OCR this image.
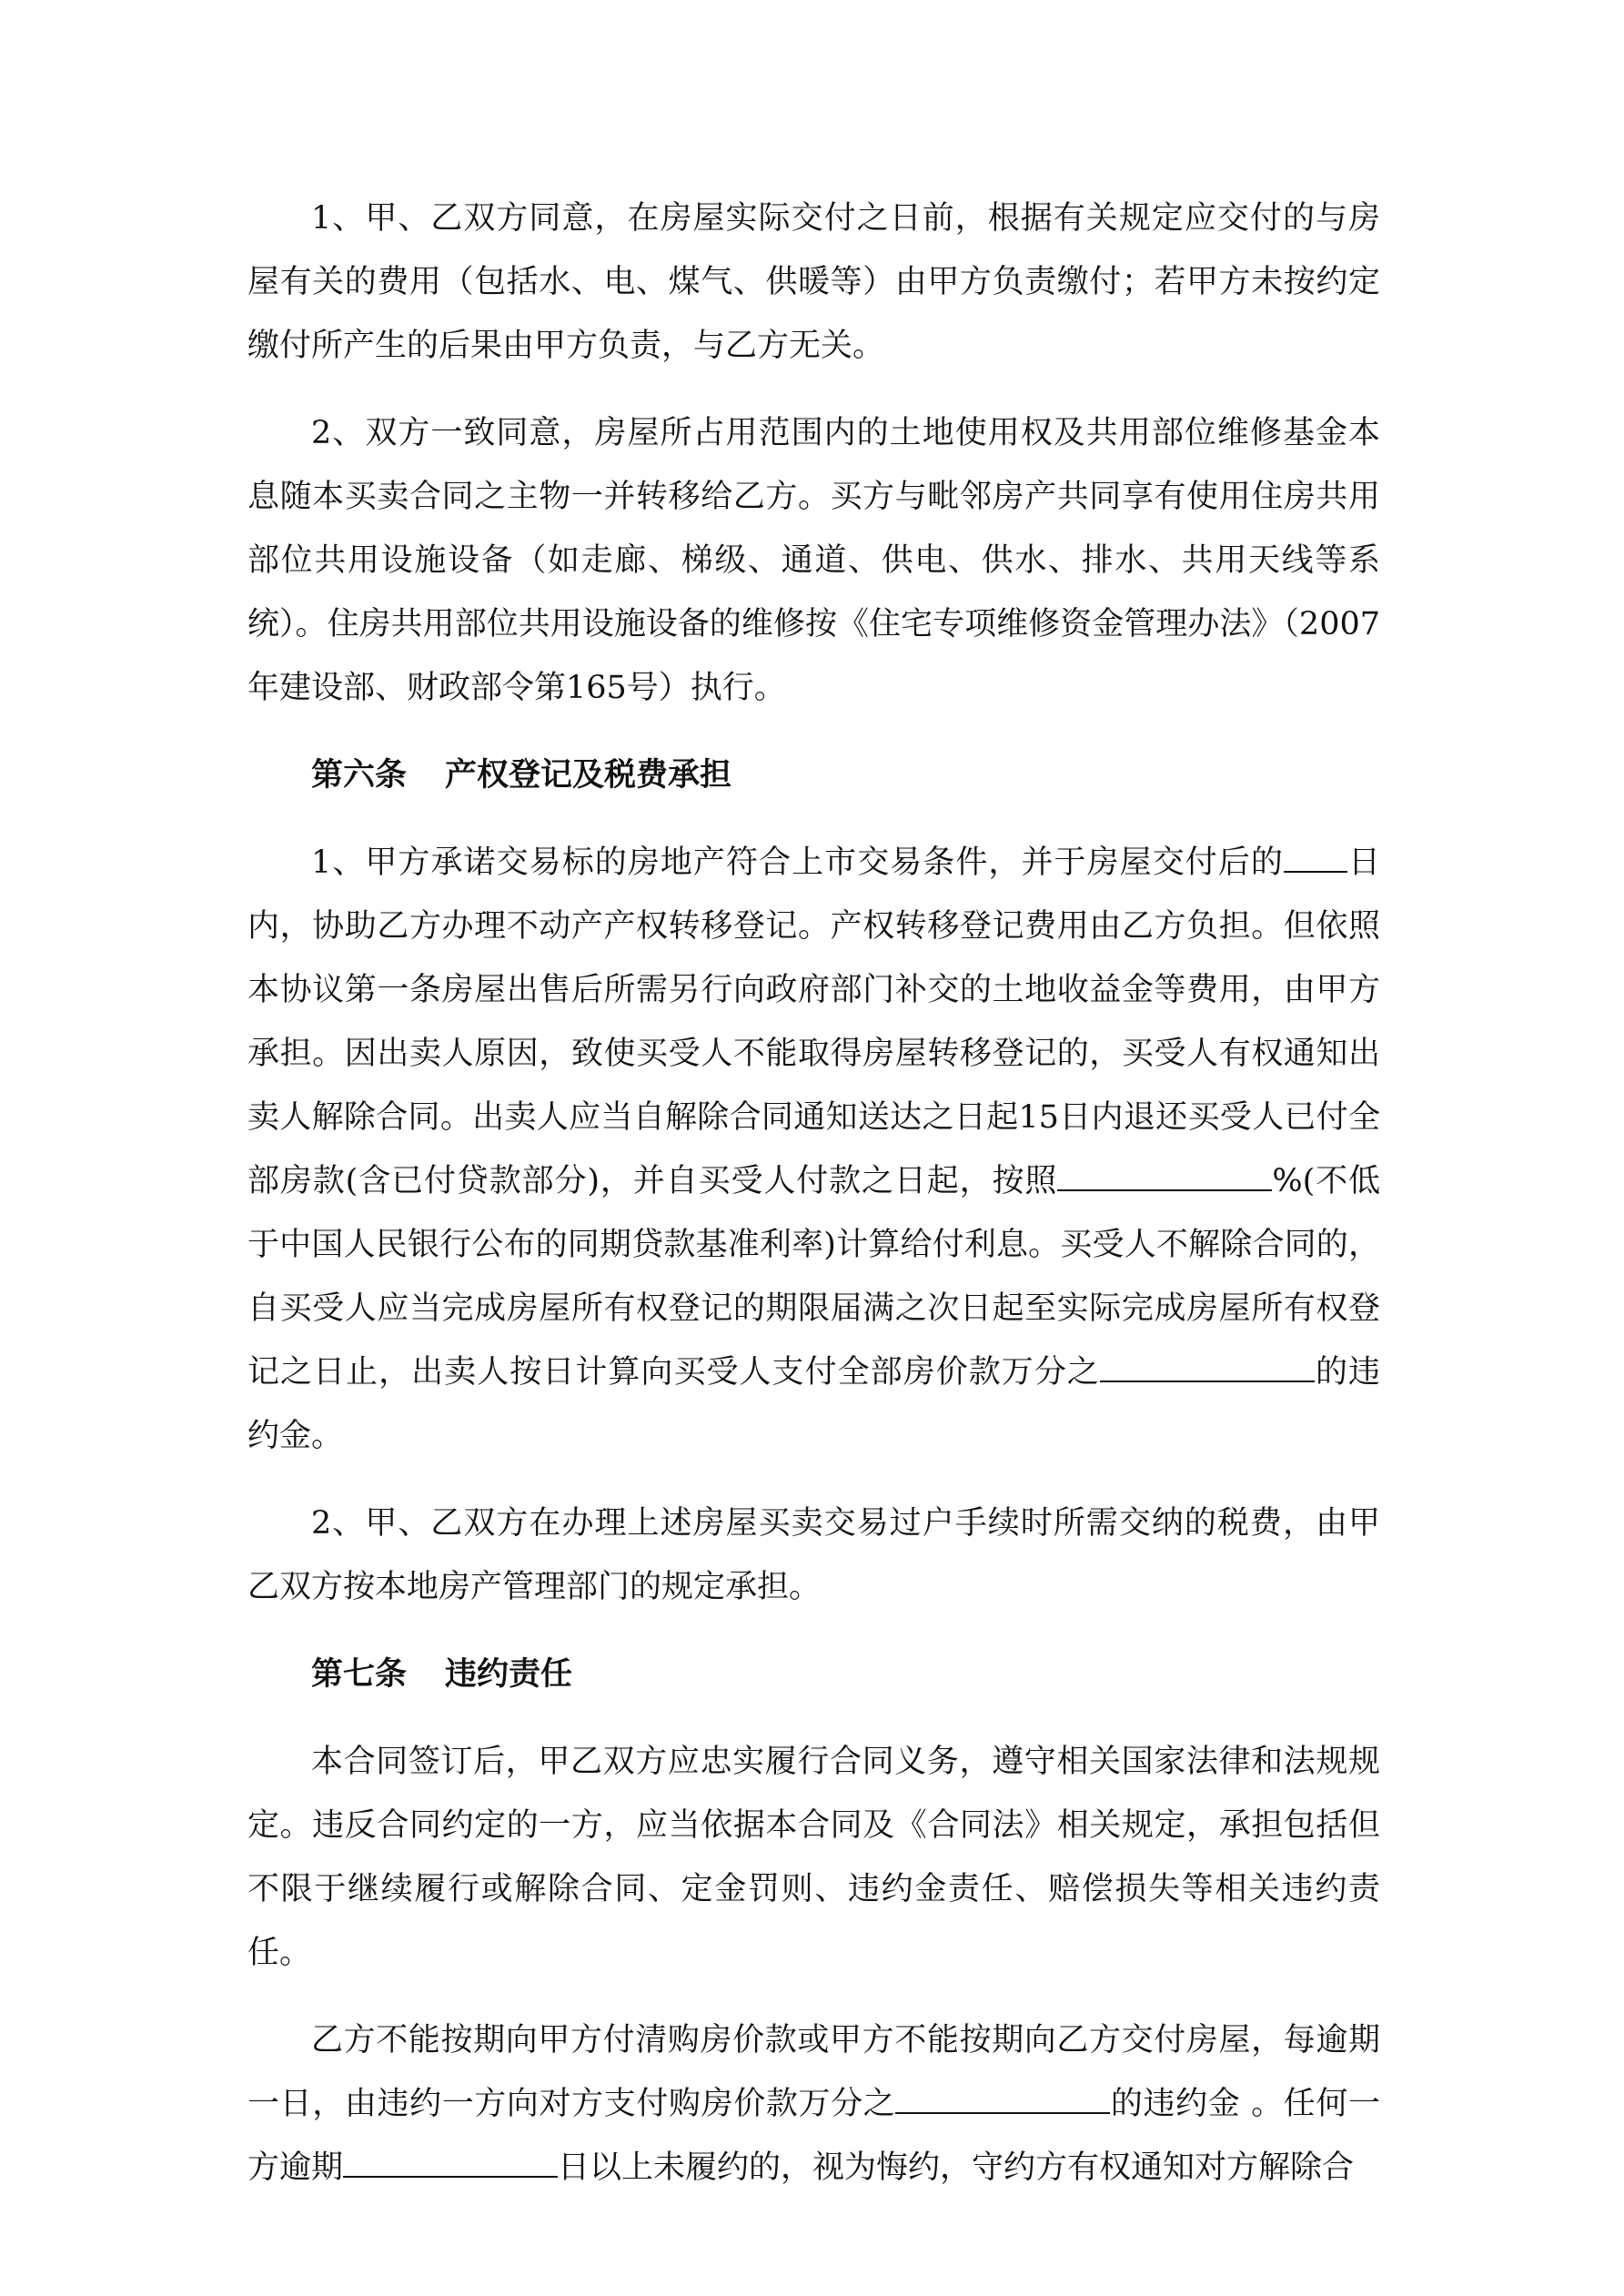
1、甲、乙双方同意，在房屋实际交付之日前，根据有关规定应交付的与房屋有关的费用（包括水、电、煤气、供暖等）由甲方负责缴付；若甲方未按约定缴付所产生的后果由甲方负责，与乙方无关。

2、双方一致同意，房屋所占用范围内的土地使用权及共用部位维修基金本息随本买卖合同之主物一并转移给乙方。买方与毗邻房产共同享有使用住房共用部位共用设施设备（如走廊、梯级、通道、供电、供水、排水、共用天线等系统）。住房共用部位共用设施设备的维修按《住宅专项维修资金管理办法》（2007年建设部、财政部令第165号）执行。

第六条 产权登记及税费承担

1、甲方承诺交易标的房地产符合上市交易条件，并于房屋交付后的 日内，协助乙方办理不动产产权转移登记。产权转移登记费用由乙方负担。但依照本协议第一条房屋出售后所需另行向政府部门补交的土地收益金等费用，由甲方承担。因出卖人原因，致使买受人不能取得房屋转移登记的，买受人有权通知出卖人解除合同。出卖人应当自解除合同通知送达之日起15日内退还买受人已付全部房款(含已付贷款部分)，并自买受人付款之日起，按照	%(不低于中国人民银行公布的同期贷款基准利率)计算给付利息。买受人不解除合同的，自买受人应当完成房屋所有权登记的期限届满之次日起至实际完成房屋所有权登记之日止，出卖人按日计算向买受人支付全部房价款万分之	的违约金。

2、甲、乙双方在办理上述房屋买卖交易过户手续时所需交纳的税费，由甲乙双方按本地房产管理部门的规定承担。

第七条 违约责任

本合同签订后，甲乙双方应忠实履行合同义务，遵守相关国家法律和法规规定。违反合同约定的一方，应当依据本合同及《合同法》相关规定，承担包括但不限于继续履行或解除合同、定金罚则、违约金责任、赔偿损失等相关违约责任。

乙方不能按期向甲方付清购房价款或甲方不能按期向乙方交付房屋，每逾期一日，由违约一方向对方支付购房价款万分之	的违约金 。任何一方逾期	日以上未履约的，视为悔约，守约方有权通知对方解除合
